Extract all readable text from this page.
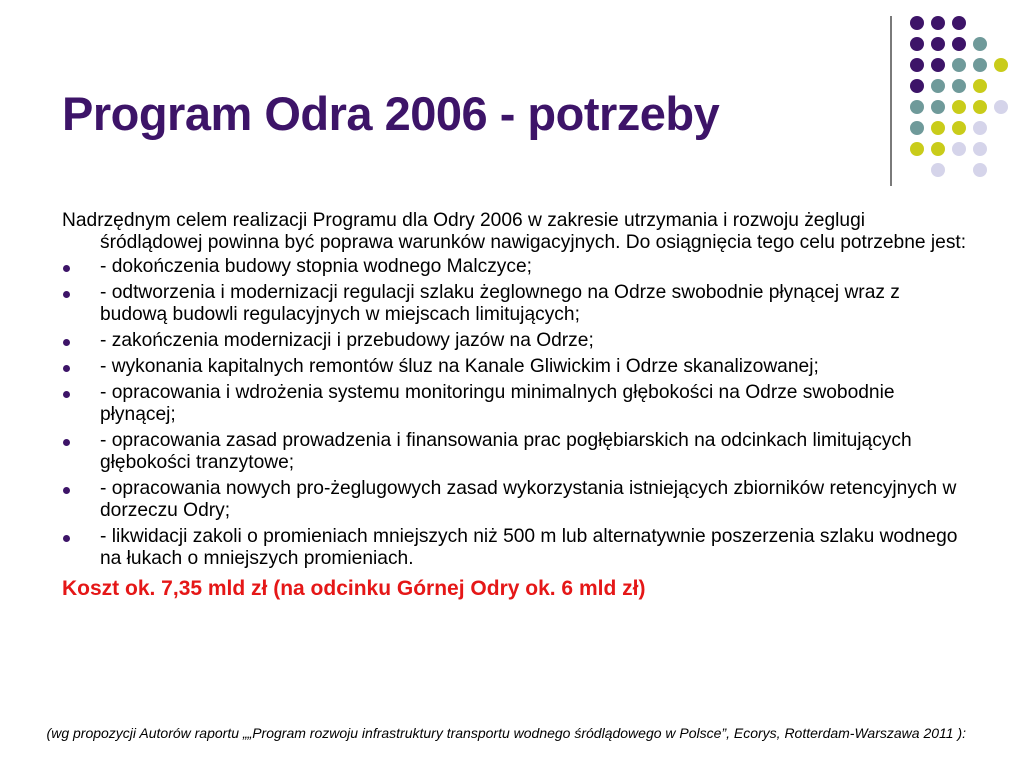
Program Odra 2006 - potrzeby

Nadrzędnym celem realizacji Programu dla Odry 2006 w zakresie utrzymania i rozwoju żeglugi śródlądowej powinna być poprawa warunków nawigacyjnych. Do osiągnięcia tego celu potrzebne jest:

- dokończenia budowy stopnia wodnego Malczyce;
- odtworzenia i modernizacji regulacji szlaku żeglownego na Odrze swobodnie płynącej wraz z budową budowli regulacyjnych w miejscach limitujących;
- zakończenia modernizacji i przebudowy jazów na Odrze;
- wykonania kapitalnych remontów śluz na Kanale Gliwickim i Odrze skanalizowanej;
- opracowania i wdrożenia systemu monitoringu minimalnych głębokości na Odrze swobodnie płynącej;
- opracowania zasad prowadzenia i finansowania prac pogłębiarskich na odcinkach limitujących głębokości tranzytowe;
- opracowania nowych pro-żeglugowych zasad wykorzystania istniejących zbiorników retencyjnych w dorzeczu Odry;
- likwidacji zakoli o promieniach mniejszych niż 500 m lub alternatywnie poszerzenia szlaku wodnego na łukach o mniejszych promieniach.

Koszt ok. 7,35 mld zł (na odcinku Górnej Odry ok. 6 mld zł)

(wg propozycji Autorów raportu „„Program rozwoju infrastruktury transportu wodnego śródlądowego w Polsce”, Ecorys, Rotterdam-Warszawa 2011 ):
